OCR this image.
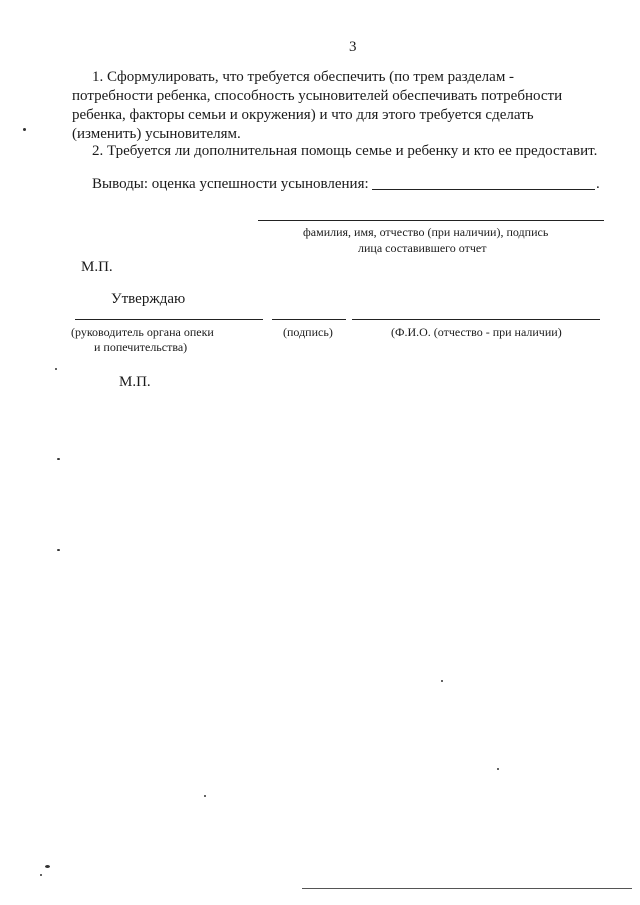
3
1. Сформулировать, что требуется обеспечить (по трем разделам -
потребности ребенка, способность усыновителей обеспечивать потребности
ребенка, факторы семьи и окружения) и что для этого требуется сделать
(изменить) усыновителям.
2. Требуется ли дополнительная помощь семье и ребенку и кто ее предоставит.
Выводы: оценка успешности усыновления:	.
фамилия, имя, отчество (при наличии), подпись
лица составившего отчет
М.П.
Утверждаю
(руководитель органа опеки
и попечительства)
(подпись)	(Ф.И.О. (отчество - при наличии)
М.П.
